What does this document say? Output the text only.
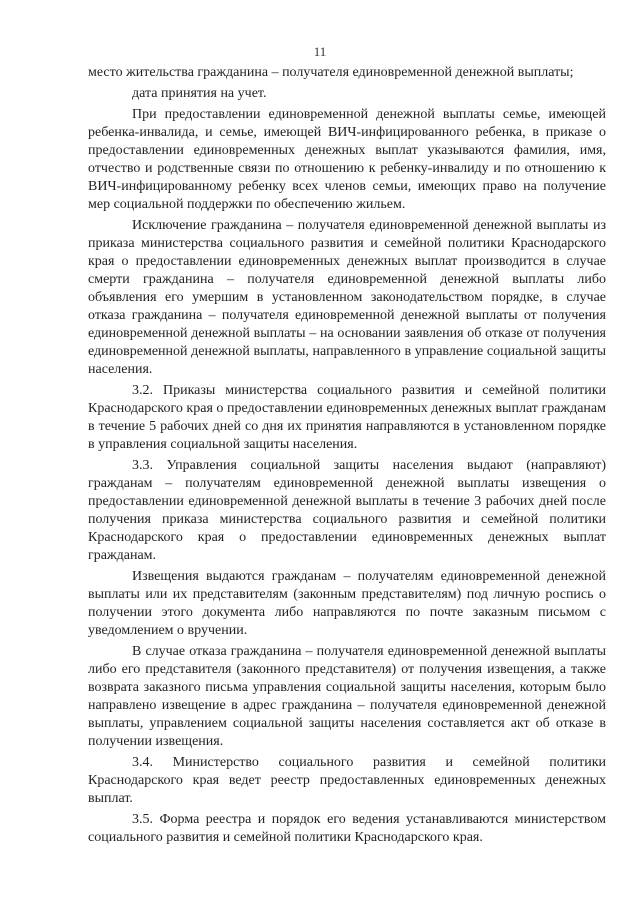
11

место жительства гражданина – получателя единовременной денежной выплаты;

дата принятия на учет.

При предоставлении единовременной денежной выплаты семье, имеющей ребенка-инвалида, и семье, имеющей ВИЧ-инфицированного ребенка, в приказе о предоставлении единовременных денежных выплат указываются фамилия, имя, отчество и родственные связи по отношению к ребенку-инвалиду и по отношению к ВИЧ-инфицированному ребенку всех членов семьи, имеющих право на получение мер социальной поддержки по обеспечению жильем.

Исключение гражданина – получателя единовременной денежной выплаты из приказа министерства социального развития и семейной политики Краснодарского края о предоставлении единовременных денежных выплат производится в случае смерти гражданина – получателя единовременной денежной выплаты либо объявления его умершим в установленном законодательством порядке, в случае отказа гражданина – получателя единовременной денежной выплаты от получения единовременной денежной выплаты – на основании заявления об отказе от получения единовременной денежной выплаты, направленного в управление социальной защиты населения.

3.2. Приказы министерства социального развития и семейной политики Краснодарского края о предоставлении единовременных денежных выплат гражданам в течение 5 рабочих дней со дня их принятия направляются в установленном порядке в управления социальной защиты населения.

3.3. Управления социальной защиты населения выдают (направляют) гражданам – получателям единовременной денежной выплаты извещения о предоставлении единовременной денежной выплаты в течение 3 рабочих дней после получения приказа министерства социального развития и семейной политики Краснодарского края о предоставлении единовременных денежных выплат гражданам.

Извещения выдаются гражданам – получателям единовременной денежной выплаты или их представителям (законным представителям) под личную роспись о получении этого документа либо направляются по почте заказным письмом с уведомлением о вручении.

В случае отказа гражданина – получателя единовременной денежной выплаты либо его представителя (законного представителя) от получения извещения, а также возврата заказного письма управления социальной защиты населения, которым было направлено извещение в адрес гражданина – получателя единовременной денежной выплаты, управлением социальной защиты населения составляется акт об отказе в получении извещения.

3.4. Министерство социального развития и семейной политики Краснодарского края ведет реестр предоставленных единовременных денежных выплат.

3.5. Форма реестра и порядок его ведения устанавливаются министерством социального развития и семейной политики Краснодарского края.
